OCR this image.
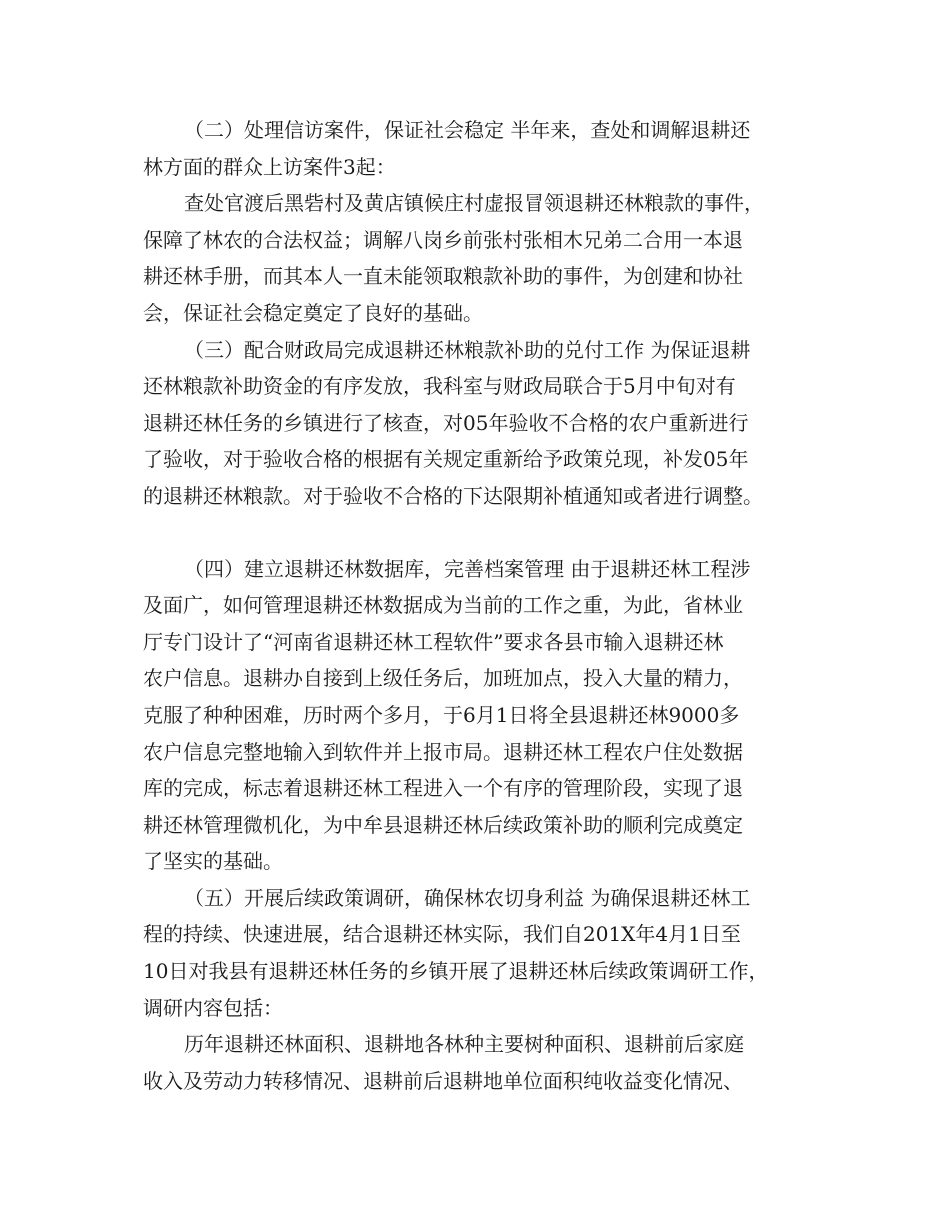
（二）处理信访案件，保证社会稳定 半年来，查处和调解退耕还
林方面的群众上访案件3起：
查处官渡后黑砦村及黄店镇候庄村虚报冒领退耕还林粮款的事件，
保障了林农的合法权益；调解八岗乡前张村张相木兄弟二合用一本退
耕还林手册，而其本人一直未能领取粮款补助的事件，为创建和协社
会，保证社会稳定奠定了良好的基础。
（三）配合财政局完成退耕还林粮款补助的兑付工作 为保证退耕
还林粮款补助资金的有序发放，我科室与财政局联合于5月中旬对有
退耕还林任务的乡镇进行了核查，对05年验收不合格的农户重新进行
了验收，对于验收合格的根据有关规定重新给予政策兑现，补发05年
的退耕还林粮款。对于验收不合格的下达限期补植通知或者进行调整。
（四）建立退耕还林数据库，完善档案管理 由于退耕还林工程涉
及面广，如何管理退耕还林数据成为当前的工作之重，为此，省林业
厅专门设计了“河南省退耕还林工程软件”要求各县市输入退耕还林
农户信息。退耕办自接到上级任务后，加班加点，投入大量的精力，
克服了种种困难，历时两个多月，于6月1日将全县退耕还林9000多
农户信息完整地输入到软件并上报市局。退耕还林工程农户住处数据
库的完成，标志着退耕还林工程进入一个有序的管理阶段，实现了退
耕还林管理微机化，为中牟县退耕还林后续政策补助的顺利完成奠定
了坚实的基础。
（五）开展后续政策调研，确保林农切身利益 为确保退耕还林工
程的持续、快速进展，结合退耕还林实际，我们自201X年4月1日至
10日对我县有退耕还林任务的乡镇开展了退耕还林后续政策调研工作，
调研内容包括：
历年退耕还林面积、退耕地各林种主要树种面积、退耕前后家庭
收入及劳动力转移情况、退耕前后退耕地单位面积纯收益变化情况、
